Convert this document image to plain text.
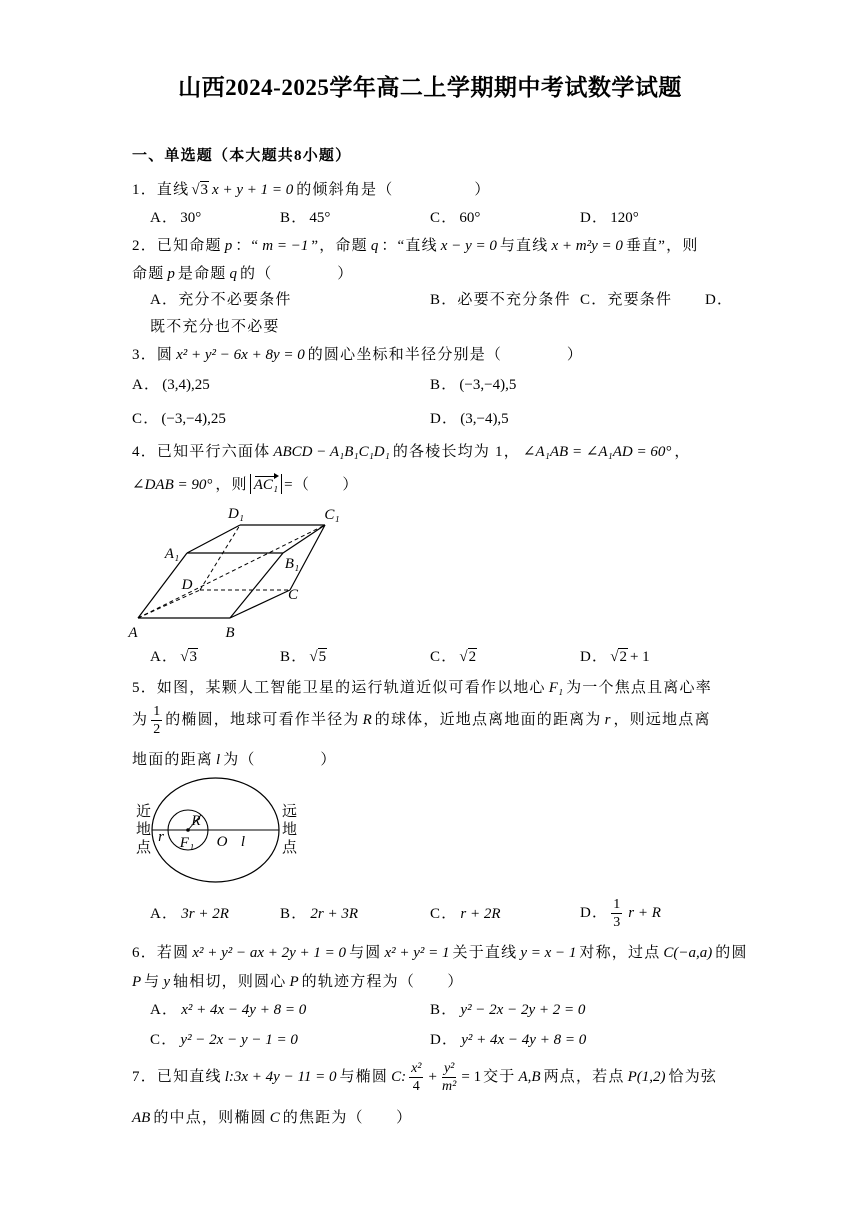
山西2024-2025学年高二上学期期中考试数学试题
一、单选题（本大题共8小题）
1．直线 √3 x + y + 1 = 0 的倾斜角是（　　　　　）
A． 30°	B． 45°	C． 60°	D． 120°
2．已知命题 p ：“ m = −1 ”，命题 q ：“直线 x − y = 0 与直线 x + m²y = 0 垂直”，则
命题 p 是命题 q 的（　　　　）
A．充分不必要条件	B．必要不充分条件 C．充要条件 D．
既不充分也不必要
3．圆 x² + y² − 6x + 8y = 0 的圆心坐标和半径分别是（　　　　）
A． (3,4),25	B． (−3,−4),5
C． (−3,−4),25	D． (3,−4),5
4．已知平行六面体 ABCD − A₁B₁C₁D₁ 的各棱长均为 1， ∠A₁AB = ∠A₁AD = 60° ，
∠DAB = 90° ，则 AC₁ =（　　）
A	B
C
D
A₁
B₁
C₁
D₁
A． √3	B． √5	C． √2	D． √2 + 1
5．如图，某颗人工智能卫星的运行轨道近似可看作以地心 F₁ 为一个焦点且离心率
为 $\frac{1}{2}$ 的椭圆，地球可看作半径为 R 的球体，近地点离地面的距离为 r ，则远地点离
地面的距离 l 为（　　　　）
R
F₁ O l
r
近地点	远地点
A． 3r + 2R	B． 2r + 3R	C． r + 2R	D． $\frac{1}{3}$ r + R
6．若圆 x² + y² − ax + 2y + 1 = 0 与圆 x² + y² = 1 关于直线 y = x − 1 对称，过点 C(−a,a) 的圆
P 与 y 轴相切，则圆心 P 的轨迹方程为（　　）
A． x² + 4x − 4y + 8 = 0	B． y² − 2x − 2y + 2 = 0
C． y² − 2x − y − 1 = 0	D． y² + 4x − 4y + 8 = 0
7．已知直线 l:3x + 4y − 11 = 0 与椭圆 C: $\frac{\text{x²}}{4} + \frac{\text{y²}}{\text{m²}} = 1$ 交于 A,B 两点，若点 P(1,2) 恰为弦
AB 的中点，则椭圆 C 的焦距为（　　）
